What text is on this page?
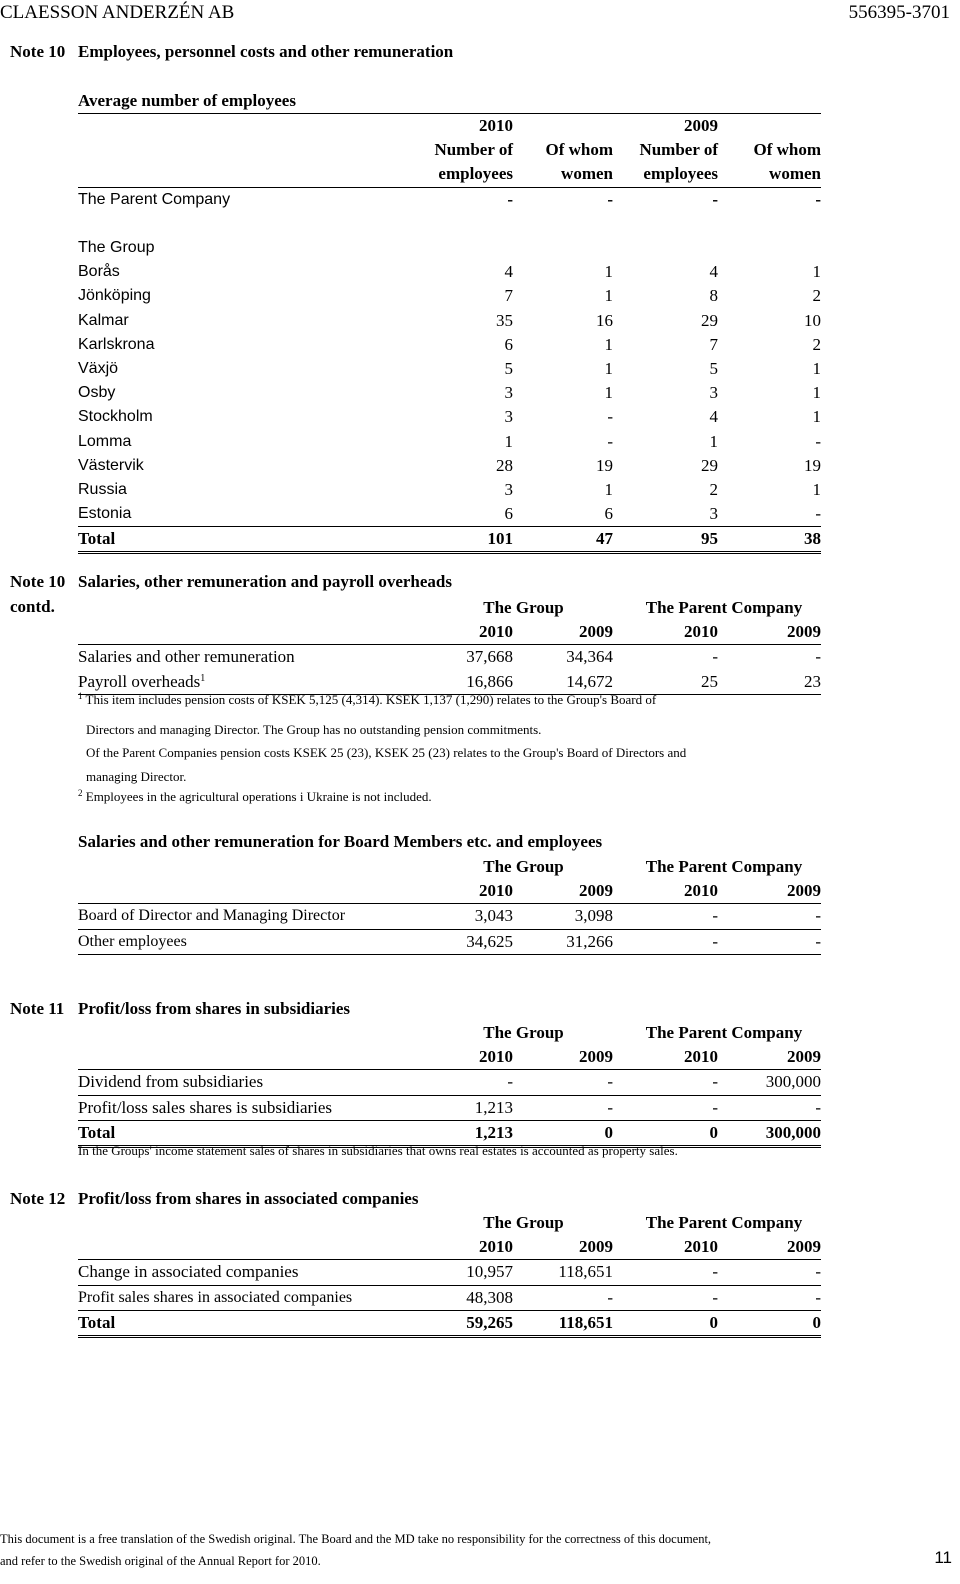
CLAESSON ANDERZÉN AB	556395-3701
Note 10 Employees, personnel costs and other remuneration
Average number of employees
	2010		2009	
	Number of	Of whom	Number of	Of whom
	employees	women	employees	women
The Parent Company	-	-	-	-

The Group				
Borås	4	1	4	1
Jönköping	7	1	8	2
Kalmar	35	16	29	10
Karlskrona	6	1	7	2
Växjö	5	1	5	1
Osby	3	1	3	1
Stockholm	3	-	4	1
Lomma	1	-	1	-
Västervik	28	19	29	19
Russia	3	1	2	1
Estonia	6	6	3	-
Total	101	47	95	38
Note 10
contd.
Salaries, other remuneration and payroll overheads
	The Group		The Parent Company	
	2010	2009	2010	2009
Salaries and other remuneration	37,668	34,364	-	-
Payroll overheads$^1$	16,866	14,672	25	23
$^1$ This item includes pension costs of KSEK 5,125 (4,314). KSEK 1,137 (1,290) relates to the Group's Board of
Directors and managing Director. The Group has no outstanding pension commitments.
Of the Parent Companies pension costs KSEK 25 (23), KSEK 25 (23) relates to the Group's Board of Directors and
managing Director.
$^2$ Employees in the agricultural operations i Ukraine is not included.
Salaries and other remuneration for Board Members etc. and employees
	The Group		The Parent Company	
	2010	2009	2010	2009
Board of Director and Managing Director	3,043	3,098	-	-
Other employees	34,625	31,266	-	-
Note 11 Profit/loss from shares in subsidiaries
	The Group		The Parent Company	
	2010	2009	2010	2009
Dividend from subsidiaries	-	-	-	300,000
Profit/loss sales shares is subsidiaries	1,213	-	-	-
Total	1,213	0	0	300,000
In the Groups' income statement sales of shares in subsidiaries that owns real estates is accounted as property sales.
Note 12 Profit/loss from shares in associated companies
	The Group		The Parent Company	
	2010	2009	2010	2009
Change in associated companies	10,957	118,651	-	-
Profit sales shares in associated companies	48,308	-	-	-
Total	59,265	118,651	0	0
This document is a free translation of the Swedish original. The Board and the MD take no responsibility for the correctness of this document,
and refer to the Swedish original of the Annual Report for 2010.	11
